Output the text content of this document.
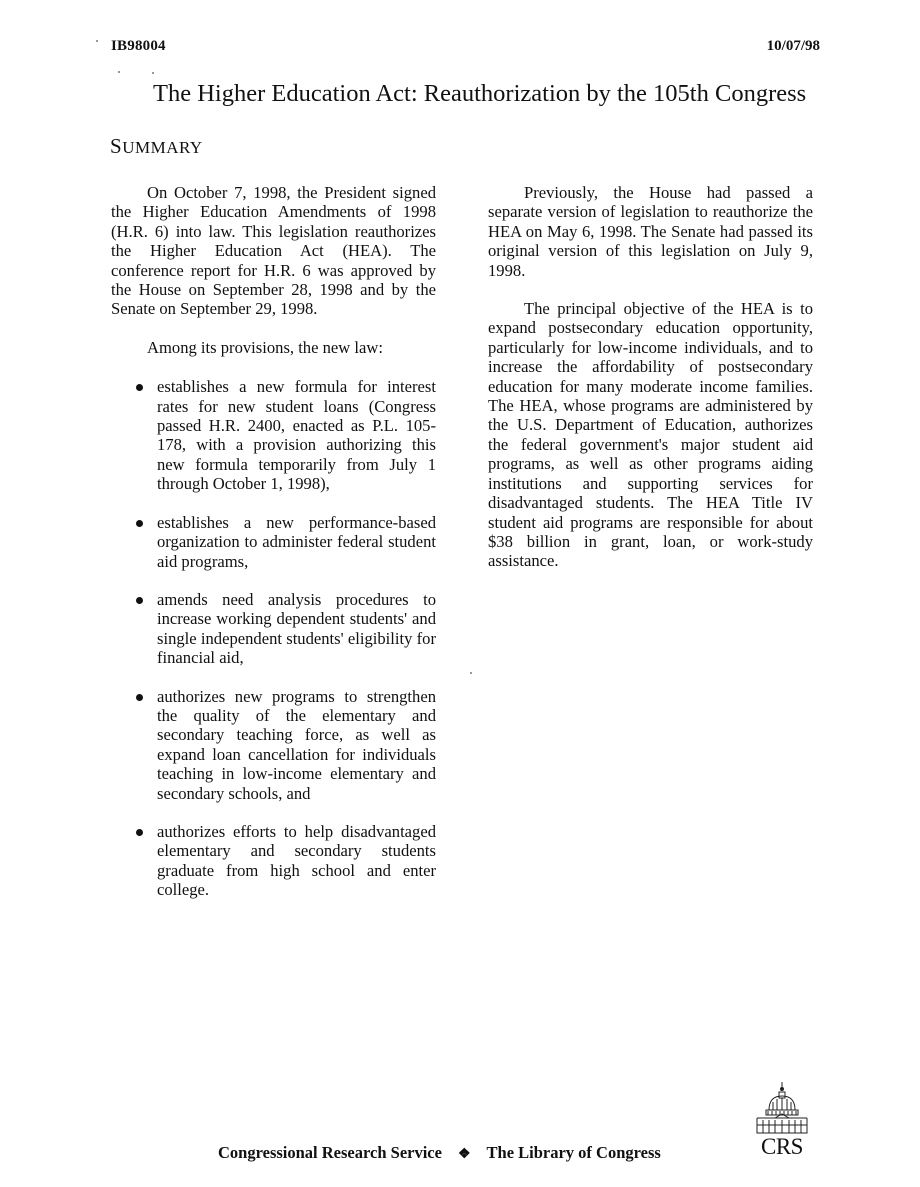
IB98004	10/07/98
The Higher Education Act: Reauthorization by the 105th Congress
SUMMARY

On October 7, 1998, the President signed the Higher Education Amendments of 1998 (H.R. 6) into law. This legislation reauthorizes the Higher Education Act (HEA). The conference report for H.R. 6 was approved by the House on September 28, 1998 and by the Senate on September 29, 1998.

Among its provisions, the new law:

establishes a new formula for interest rates for new student loans (Congress passed H.R. 2400, enacted as P.L. 105-178, with a provision authorizing this new formula temporarily from July 1 through October 1, 1998),
establishes a new performance-based organization to administer federal student aid programs,
amends need analysis procedures to increase working dependent students' and single independent students' eligibility for financial aid,
authorizes new programs to strengthen the quality of the elementary and secondary teaching force, as well as expand loan cancellation for individuals teaching in low-income elementary and secondary schools, and
authorizes efforts to help disadvantaged elementary and secondary students graduate from high school and enter college.

Previously, the House had passed a separate version of legislation to reauthorize the HEA on May 6, 1998. The Senate had passed its original version of this legislation on July 9, 1998.

The principal objective of the HEA is to expand postsecondary education opportunity, particularly for low-income individuals, and to increase the affordability of postsecondary education for many moderate income families. The HEA, whose programs are administered by the U.S. Department of Education, authorizes the federal government's major student aid programs, as well as other programs aiding institutions and supporting services for disadvantaged students. The HEA Title IV student aid programs are responsible for about $38 billion in grant, loan, or work-study assistance.

Congressional Research Service ❖ The Library of Congress	CRS
